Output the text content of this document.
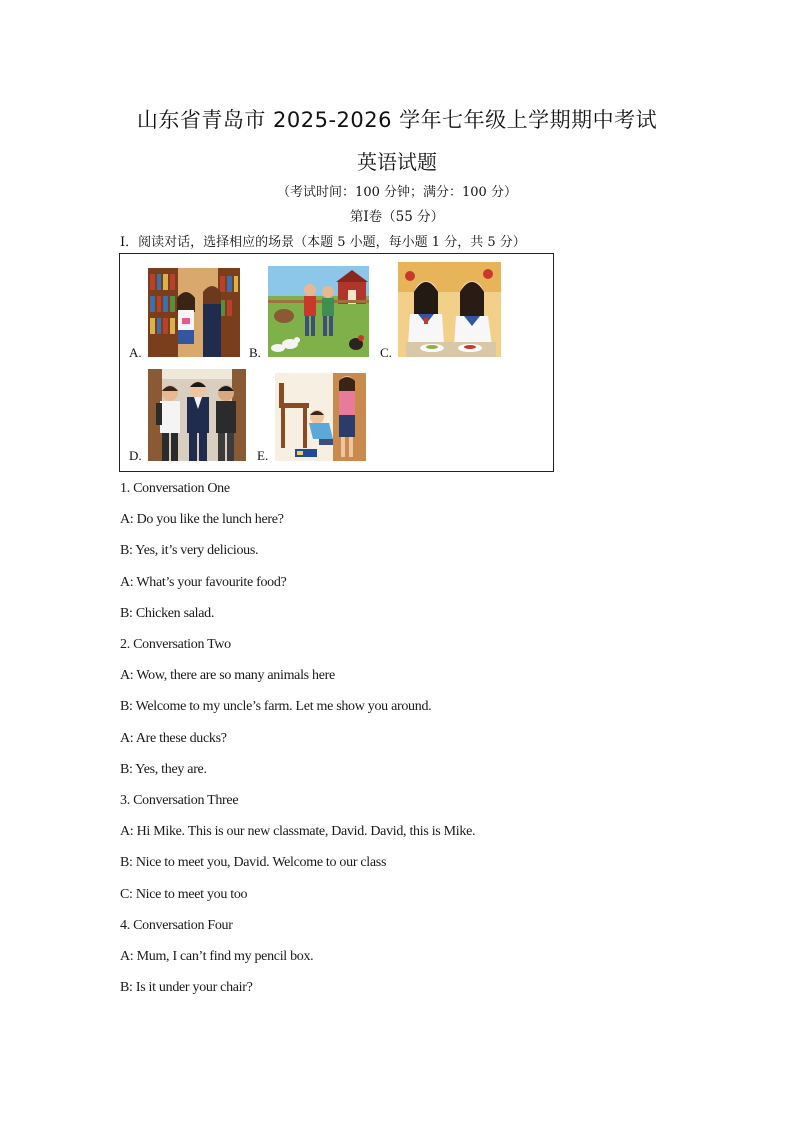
山东省青岛市 2025-2026 学年七年级上学期期中考试
英语试题
（考试时间：100 分钟；满分：100 分）
第Ⅰ卷（55 分）
Ⅰ．阅读对话，选择相应的场景（本题 5 小题，每小题 1 分，共 5 分）
A.	B.	C.
D.	E.
1. Conversation One
A: Do you like the lunch here?
B: Yes, it’s very delicious.
A: What’s your favourite food?
B: Chicken salad.
2. Conversation Two
A: Wow, there are so many animals here
B: Welcome to my uncle’s farm. Let me show you around.
A: Are these ducks?
B: Yes, they are.
3. Conversation Three
A: Hi Mike. This is our new classmate, David. David, this is Mike.
B: Nice to meet you, David. Welcome to our class
C: Nice to meet you too
4. Conversation Four
A: Mum, I can’t find my pencil box.
B: Is it under your chair?
